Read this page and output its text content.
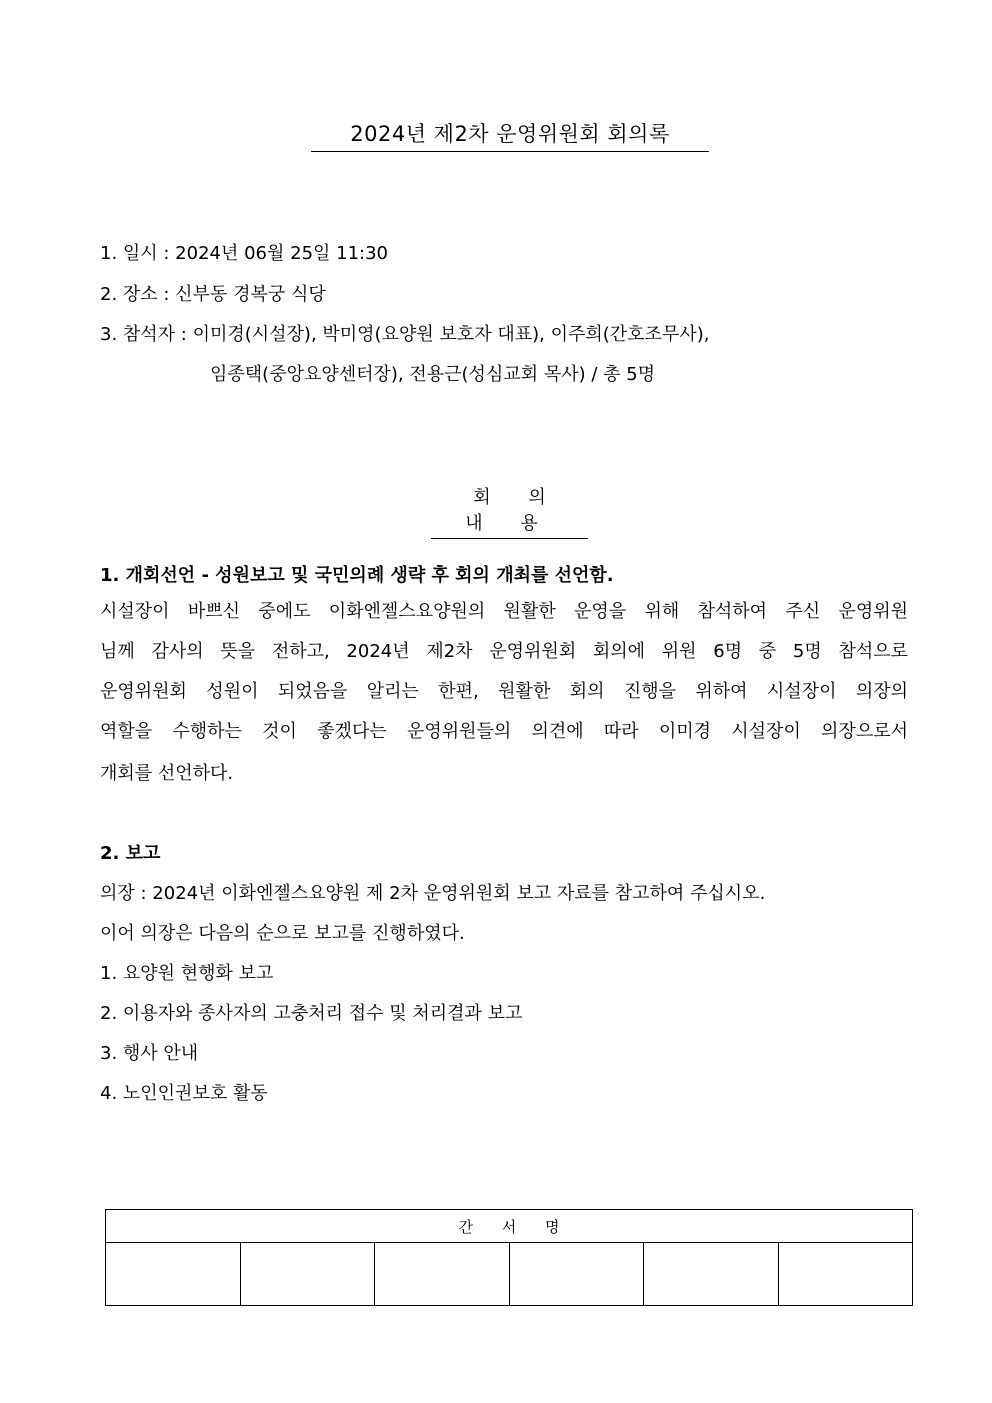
2024년 제2차 운영위원회 회의록
1. 일시 : 2024년 06월 25일 11:30
2. 장소 : 신부동 경복궁 식당
3. 참석자 : 이미경(시설장), 박미영(요양원 보호자 대표), 이주희(간호조무사),
임종택(중앙요양센터장), 전용근(성심교회 목사) / 총 5명
회 의 내 용
1. 개회선언 - 성원보고 및 국민의례 생략 후 회의 개최를 선언함.
시설장이 바쁘신 중에도 이화엔젤스요양원의 원활한 운영을 위해 참석하여 주신 운영위원
님께 감사의 뜻을 전하고, 2024년 제2차 운영위원회 회의에 위원 6명 중 5명 참석으로
운영위원회 성원이 되었음을 알리는 한편, 원활한 회의 진행을 위하여 시설장이 의장의
역할을 수행하는 것이 좋겠다는 운영위원들의 의견에 따라 이미경 시설장이 의장으로서
개회를 선언하다.
2. 보고
의장 : 2024년 이화엔젤스요양원 제 2차 운영위원회 보고 자료를 참고하여 주십시오.
이어 의장은 다음의 순으로 보고를 진행하였다.
1. 요양원 현행화 보고
2. 이용자와 종사자의 고충처리 접수 및 처리결과 보고
3. 행사 안내
4. 노인인권보호 활동
간 서 명
